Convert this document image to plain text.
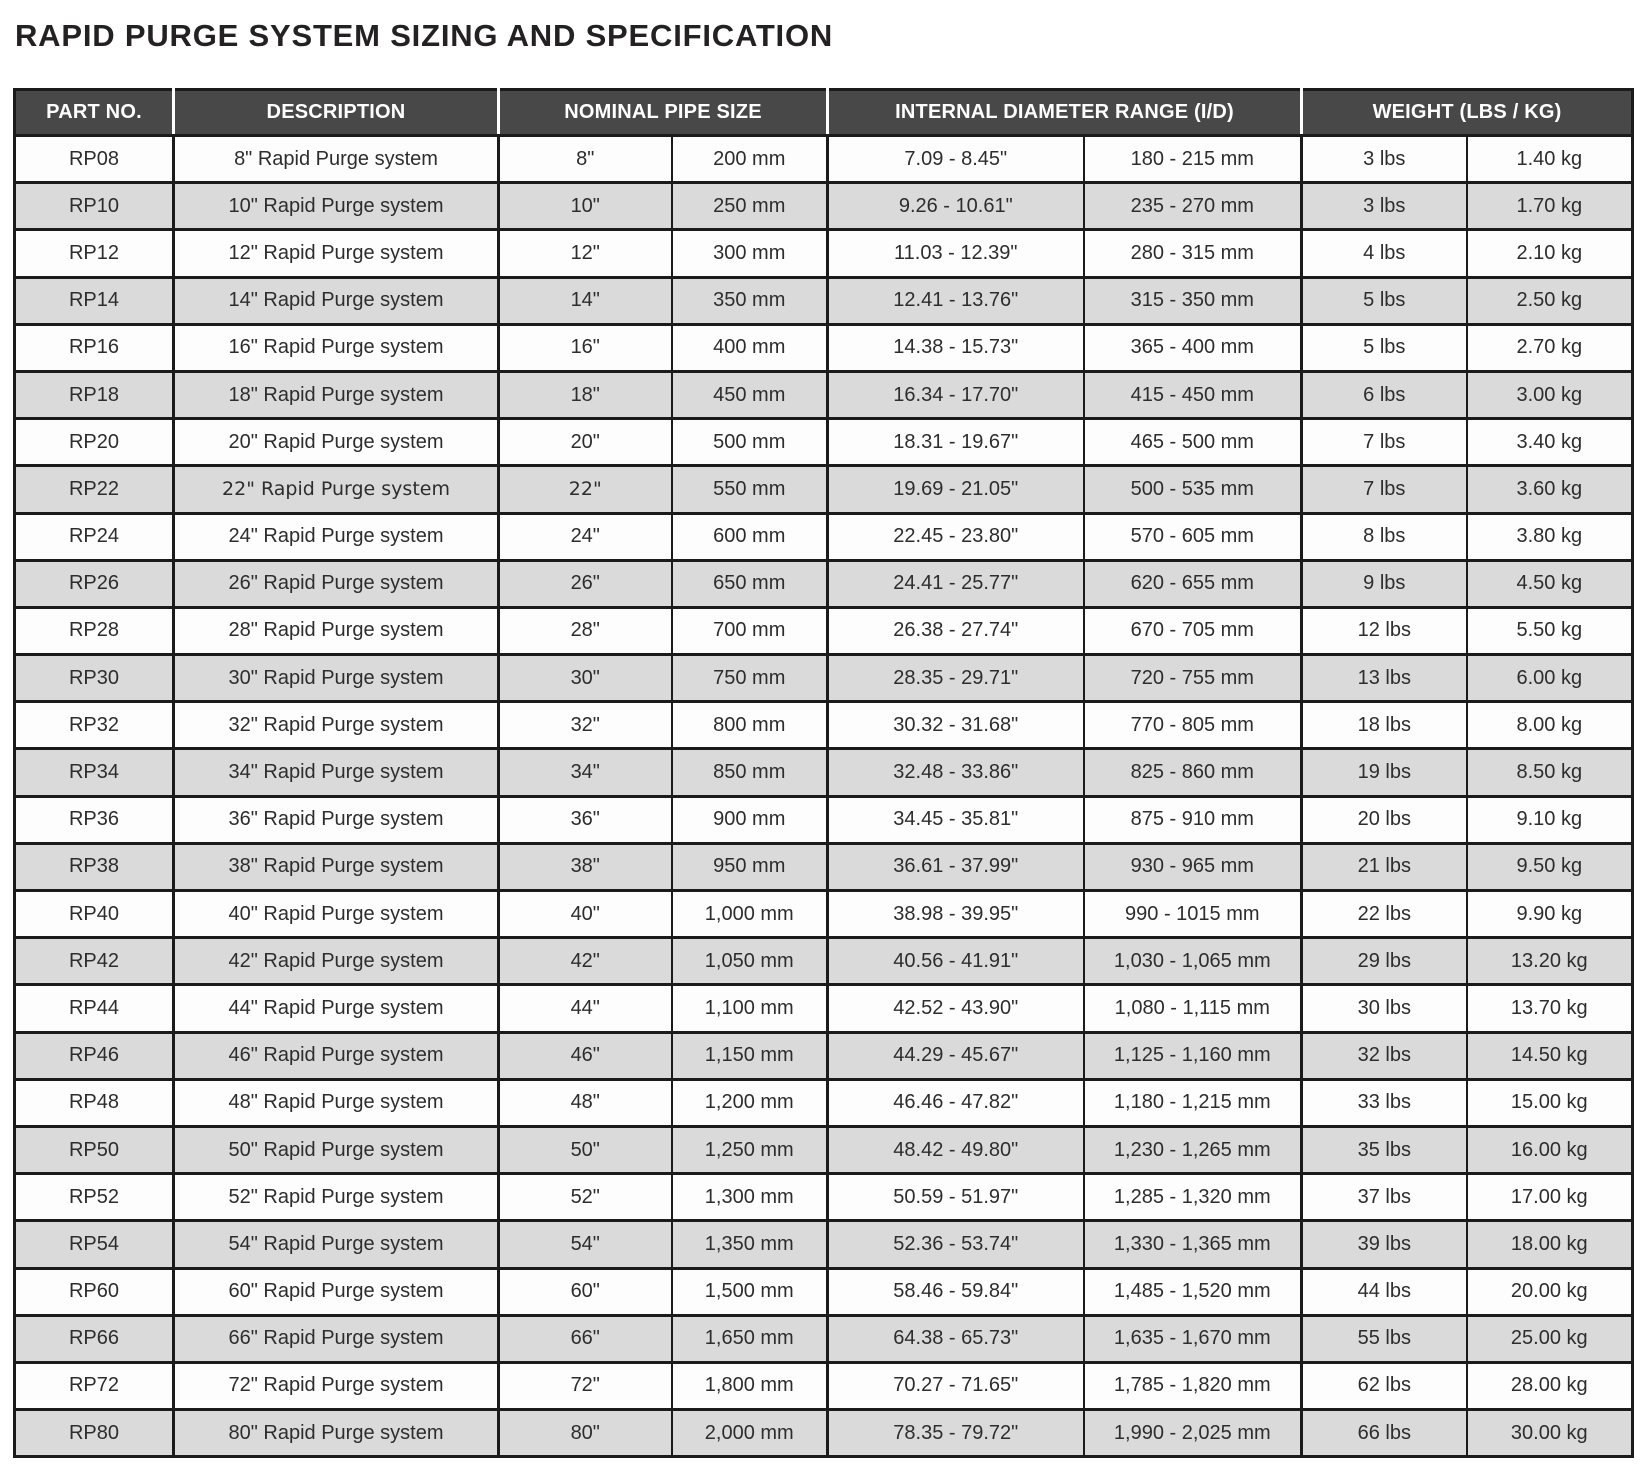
RAPID PURGE SYSTEM SIZING AND SPECIFICATION
PART NO.	DESCRIPTION	NOMINAL PIPE SIZE		INTERNAL DIAMETER RANGE (I/D)		WEIGHT (LBS / KG)	
RP08	8" Rapid Purge system	8"	200 mm	7.09 - 8.45"	180 - 215 mm	3 lbs	1.40 kg
RP10	10" Rapid Purge system	10"	250 mm	9.26 - 10.61"	235 - 270 mm	3 lbs	1.70 kg
RP12	12" Rapid Purge system	12"	300 mm	11.03 - 12.39"	280 - 315 mm	4 lbs	2.10 kg
RP14	14" Rapid Purge system	14"	350 mm	12.41 - 13.76"	315 - 350 mm	5 lbs	2.50 kg
RP16	16" Rapid Purge system	16"	400 mm	14.38 - 15.73"	365 - 400 mm	5 lbs	2.70 kg
RP18	18" Rapid Purge system	18"	450 mm	16.34 - 17.70"	415 - 450 mm	6 lbs	3.00 kg
RP20	20" Rapid Purge system	20"	500 mm	18.31 - 19.67"	465 - 500 mm	7 lbs	3.40 kg
RP22	22" Rapid Purge system	22"	550 mm	19.69 - 21.05"	500 - 535 mm	7 lbs	3.60 kg
RP24	24" Rapid Purge system	24"	600 mm	22.45 - 23.80"	570 - 605 mm	8 lbs	3.80 kg
RP26	26" Rapid Purge system	26"	650 mm	24.41 - 25.77"	620 - 655 mm	9 lbs	4.50 kg
RP28	28" Rapid Purge system	28"	700 mm	26.38 - 27.74"	670 - 705 mm	12 lbs	5.50 kg
RP30	30" Rapid Purge system	30"	750 mm	28.35 - 29.71"	720 - 755 mm	13 lbs	6.00 kg
RP32	32" Rapid Purge system	32"	800 mm	30.32 - 31.68"	770 - 805 mm	18 lbs	8.00 kg
RP34	34" Rapid Purge system	34"	850 mm	32.48 - 33.86"	825 - 860 mm	19 lbs	8.50 kg
RP36	36" Rapid Purge system	36"	900 mm	34.45 - 35.81"	875 - 910 mm	20 lbs	9.10 kg
RP38	38" Rapid Purge system	38"	950 mm	36.61 - 37.99"	930 - 965 mm	21 lbs	9.50 kg
RP40	40" Rapid Purge system	40"	1,000 mm	38.98 - 39.95"	990 - 1015 mm	22 lbs	9.90 kg
RP42	42" Rapid Purge system	42"	1,050 mm	40.56 - 41.91"	1,030 - 1,065 mm	29 lbs	13.20 kg
RP44	44" Rapid Purge system	44"	1,100 mm	42.52 - 43.90"	1,080 - 1,115 mm	30 lbs	13.70 kg
RP46	46" Rapid Purge system	46"	1,150 mm	44.29 - 45.67"	1,125 - 1,160 mm	32 lbs	14.50 kg
RP48	48" Rapid Purge system	48"	1,200 mm	46.46 - 47.82"	1,180 - 1,215 mm	33 lbs	15.00 kg
RP50	50" Rapid Purge system	50"	1,250 mm	48.42 - 49.80"	1,230 - 1,265 mm	35 lbs	16.00 kg
RP52	52" Rapid Purge system	52"	1,300 mm	50.59 - 51.97"	1,285 - 1,320 mm	37 lbs	17.00 kg
RP54	54" Rapid Purge system	54"	1,350 mm	52.36 - 53.74"	1,330 - 1,365 mm	39 lbs	18.00 kg
RP60	60" Rapid Purge system	60"	1,500 mm	58.46 - 59.84"	1,485 - 1,520 mm	44 lbs	20.00 kg
RP66	66" Rapid Purge system	66"	1,650 mm	64.38 - 65.73"	1,635 - 1,670 mm	55 lbs	25.00 kg
RP72	72" Rapid Purge system	72"	1,800 mm	70.27 - 71.65"	1,785 - 1,820 mm	62 lbs	28.00 kg
RP80	80" Rapid Purge system	80"	2,000 mm	78.35 - 79.72"	1,990 - 2,025 mm	66 lbs	30.00 kg
